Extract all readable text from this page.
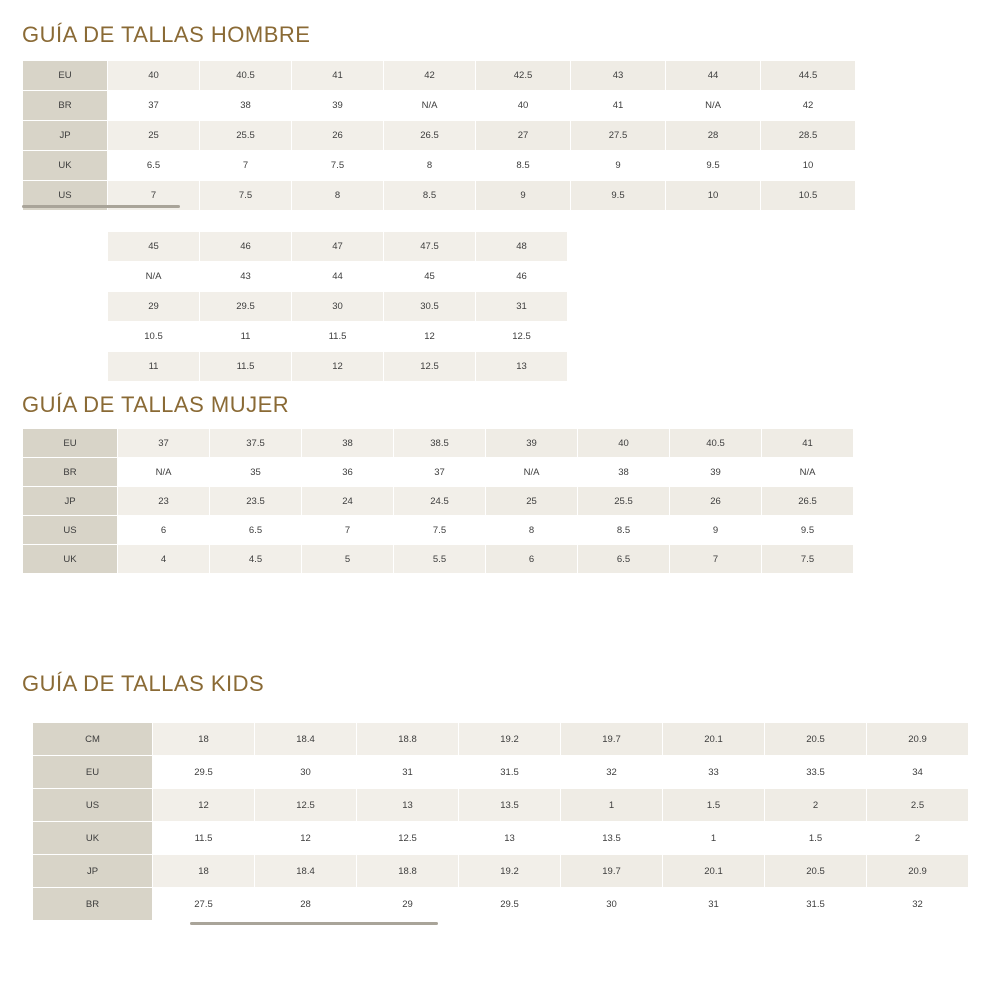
GUÍA DE TALLAS HOMBRE
EU	40	40.5	41	42	42.5	43	44	44.5
BR	37	38	39	N/A	40	41	N/A	42
JP	25	25.5	26	26.5	27	27.5	28	28.5
UK	6.5	7	7.5	8	8.5	9	9.5	10
US	7	7.5	8	8.5	9	9.5	10	10.5
45	46	47	47.5	48
N/A	43	44	45	46
29	29.5	30	30.5	31
10.5	11	11.5	12	12.5
11	11.5	12	12.5	13
GUÍA DE TALLAS MUJER
EU	37	37.5	38	38.5	39	40	40.5	41
BR	N/A	35	36	37	N/A	38	39	N/A
JP	23	23.5	24	24.5	25	25.5	26	26.5
US	6	6.5	7	7.5	8	8.5	9	9.5
UK	4	4.5	5	5.5	6	6.5	7	7.5
GUÍA DE TALLAS KIDS
CM	18	18.4	18.8	19.2	19.7	20.1	20.5	20.9
EU	29.5	30	31	31.5	32	33	33.5	34
US	12	12.5	13	13.5	1	1.5	2	2.5
UK	11.5	12	12.5	13	13.5	1	1.5	2
JP	18	18.4	18.8	19.2	19.7	20.1	20.5	20.9
BR	27.5	28	29	29.5	30	31	31.5	32
